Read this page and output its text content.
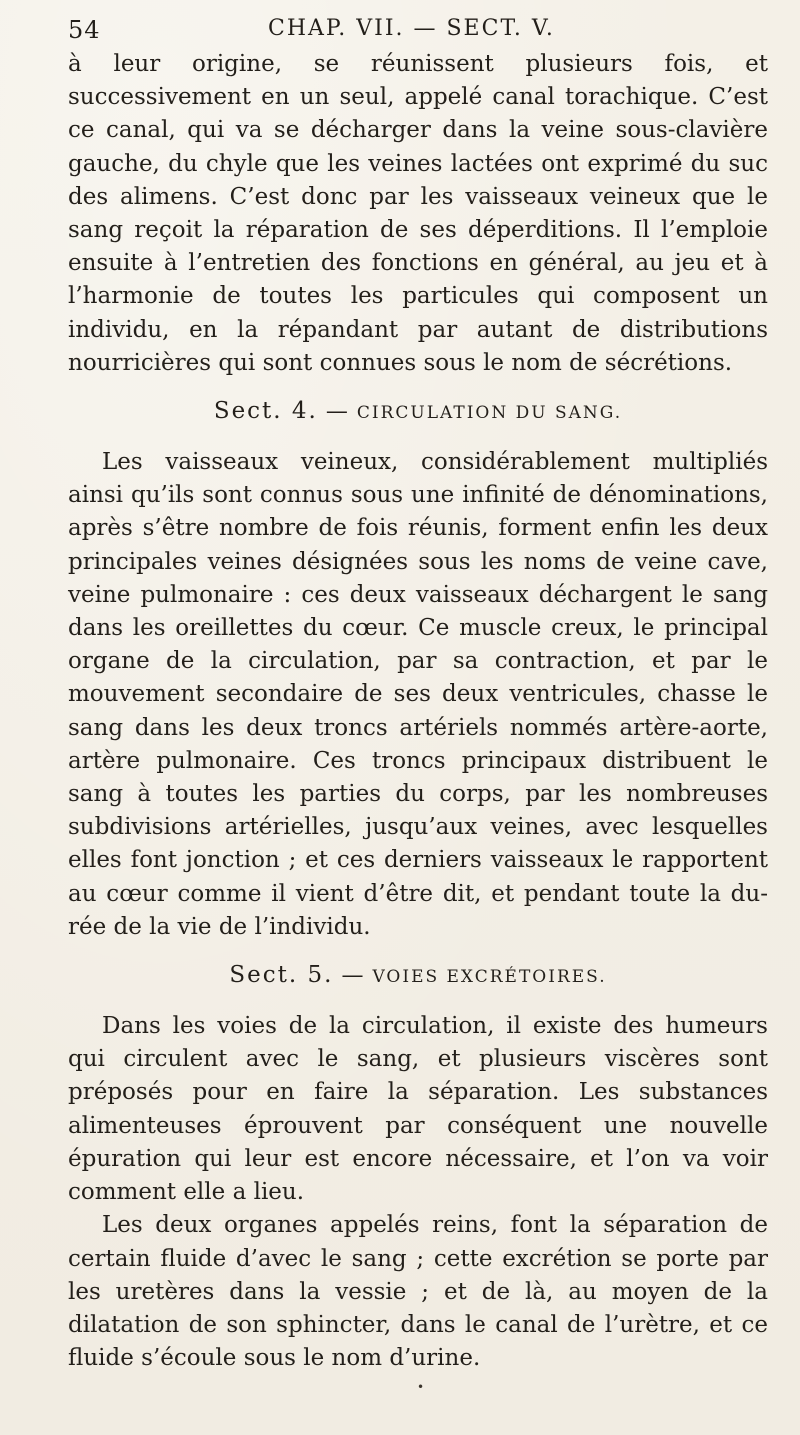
54	CHAP. VII. — SECT. V.

à leur origine, se réunissent plusieurs fois, et successivement en un seul, appelé canal torachique. C’est ce canal, qui va se décharger dans la veine sous-clavière gauche, du chyle que les veines lactées ont exprimé du suc des alimens. C’est donc par les vaisseaux veineux que le sang reçoit la réparation de ses déperditions. Il l’emploie ensuite à l’entretien des fonctions en général, au jeu et à l’harmonie de toutes les particules qui composent un individu, en la répandant par autant de distributions nourricières qui sont connues sous le nom de sécrétions.

Sect. 4. — CIRCULATION DU SANG.

Les vaisseaux veineux, considérablement multipliés ainsi qu’ils sont connus sous une infinité de dénominations, après s’être nombre de fois réunis, forment enfin les deux principales veines désignées sous les noms de veine cave, veine pulmonaire : ces deux vaisseaux déchargent le sang dans les oreillettes du cœur. Ce muscle creux, le principal organe de la circulation, par sa contraction, et par le mouvement secondaire de ses deux ventricules, chasse le sang dans les deux troncs artériels nommés artère-aorte, artère pulmonaire. Ces troncs principaux distribuent le sang à toutes les parties du corps, par les nombreuses subdivisions artérielles, jusqu’aux veines, avec lesquelles elles font jonction ; et ces derniers vaisseaux le rapportent au cœur comme il vient d’être dit, et pendant toute la durée de la vie de l’individu.

Sect. 5. — VOIES EXCRÉTOIRES.

Dans les voies de la circulation, il existe des humeurs qui circulent avec le sang, et plusieurs viscères sont préposés pour en faire la séparation. Les substances alimenteuses éprouvent par conséquent une nouvelle épuration qui leur est encore nécessaire, et l’on va voir comment elle a lieu.

Les deux organes appelés reins, font la séparation de certain fluide d’avec le sang ; cette excrétion se porte par les uretères dans la vessie ; et de là, au moyen de la dilatation de son sphincter, dans le canal de l’urètre, et ce fluide s’écoule sous le nom d’urine.

•
